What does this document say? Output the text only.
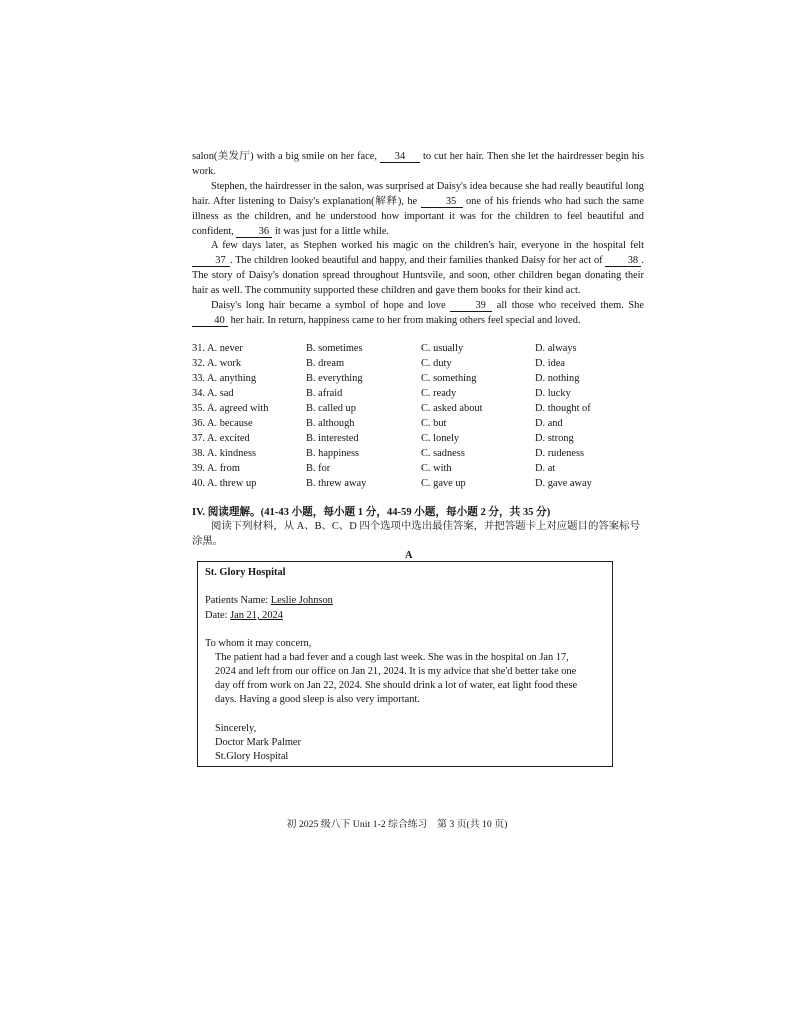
salon(美发厅) with a big smile on her face, 34 to cut her hair. Then she let the hairdresser begin his work.

Stephen, the hairdresser in the salon, was surprised at Daisy's idea because she had really beautiful long hair. After listening to Daisy's explanation(解释), he 35 one of his friends who had such the same illness as the children, and he understood how important it was for the children to feel beautiful and confident, 36 it was just for a little while.

A few days later, as Stephen worked his magic on the children's hair, everyone in the hospital felt 37 . The children looked beautiful and happy, and their families thanked Daisy for her act of 38 . The story of Daisy's donation spread throughout Huntsvile, and soon, other children began donating their hair as well. The community supported these children and gave them books for their kind act.

Daisy's long hair became a symbol of hope and love 39 all those who received them. She 40 her hair. In return, happiness came to her from making others feel special and loved.

31. A. never	B. sometimes	C. usually	D. always
32. A. work	B. dream	C. duty	D. idea
33. A. anything	B. everything	C. something	D. nothing
34. A. sad	B. afraid	C. ready	D. lucky
35. A. agreed with	B. called up	C. asked about	D. thought of
36. A. because	B. although	C. but	D. and
37. A. excited	B. interested	C. lonely	D. strong
38. A. kindness	B. happiness	C. sadness	D. rudeness
39. A. from	B. for	C. with	D. at
40. A. threw up	B. threw away	C. gave up	D. gave away
IV. 阅读理解。(41-43 小题，每小题 1 分，44-59 小题，每小题 2 分，共 35 分)
阅读下列材料，从 A、B、C、D 四个选项中选出最佳答案，并把答题卡上对应题目的答案标号涂黑。
A
St. Glory Hospital
Patients Name: Leslie Johnson
Date: Jan 21, 2024
To whom it may concern,
The patient had a bad fever and a cough last week. She was in the hospital on Jan 17,
2024 and left from our office on Jan 21, 2024. It is my advice that she'd better take one
day off from work on Jan 22, 2024. She should drink a lot of water, eat light food these
days. Having a good sleep is also very important.
Sincerely,
Doctor Mark Palmer
St.Glory Hospital
初 2025 级八下 Unit 1-2 综合练习　第 3 页(共 10 页)
